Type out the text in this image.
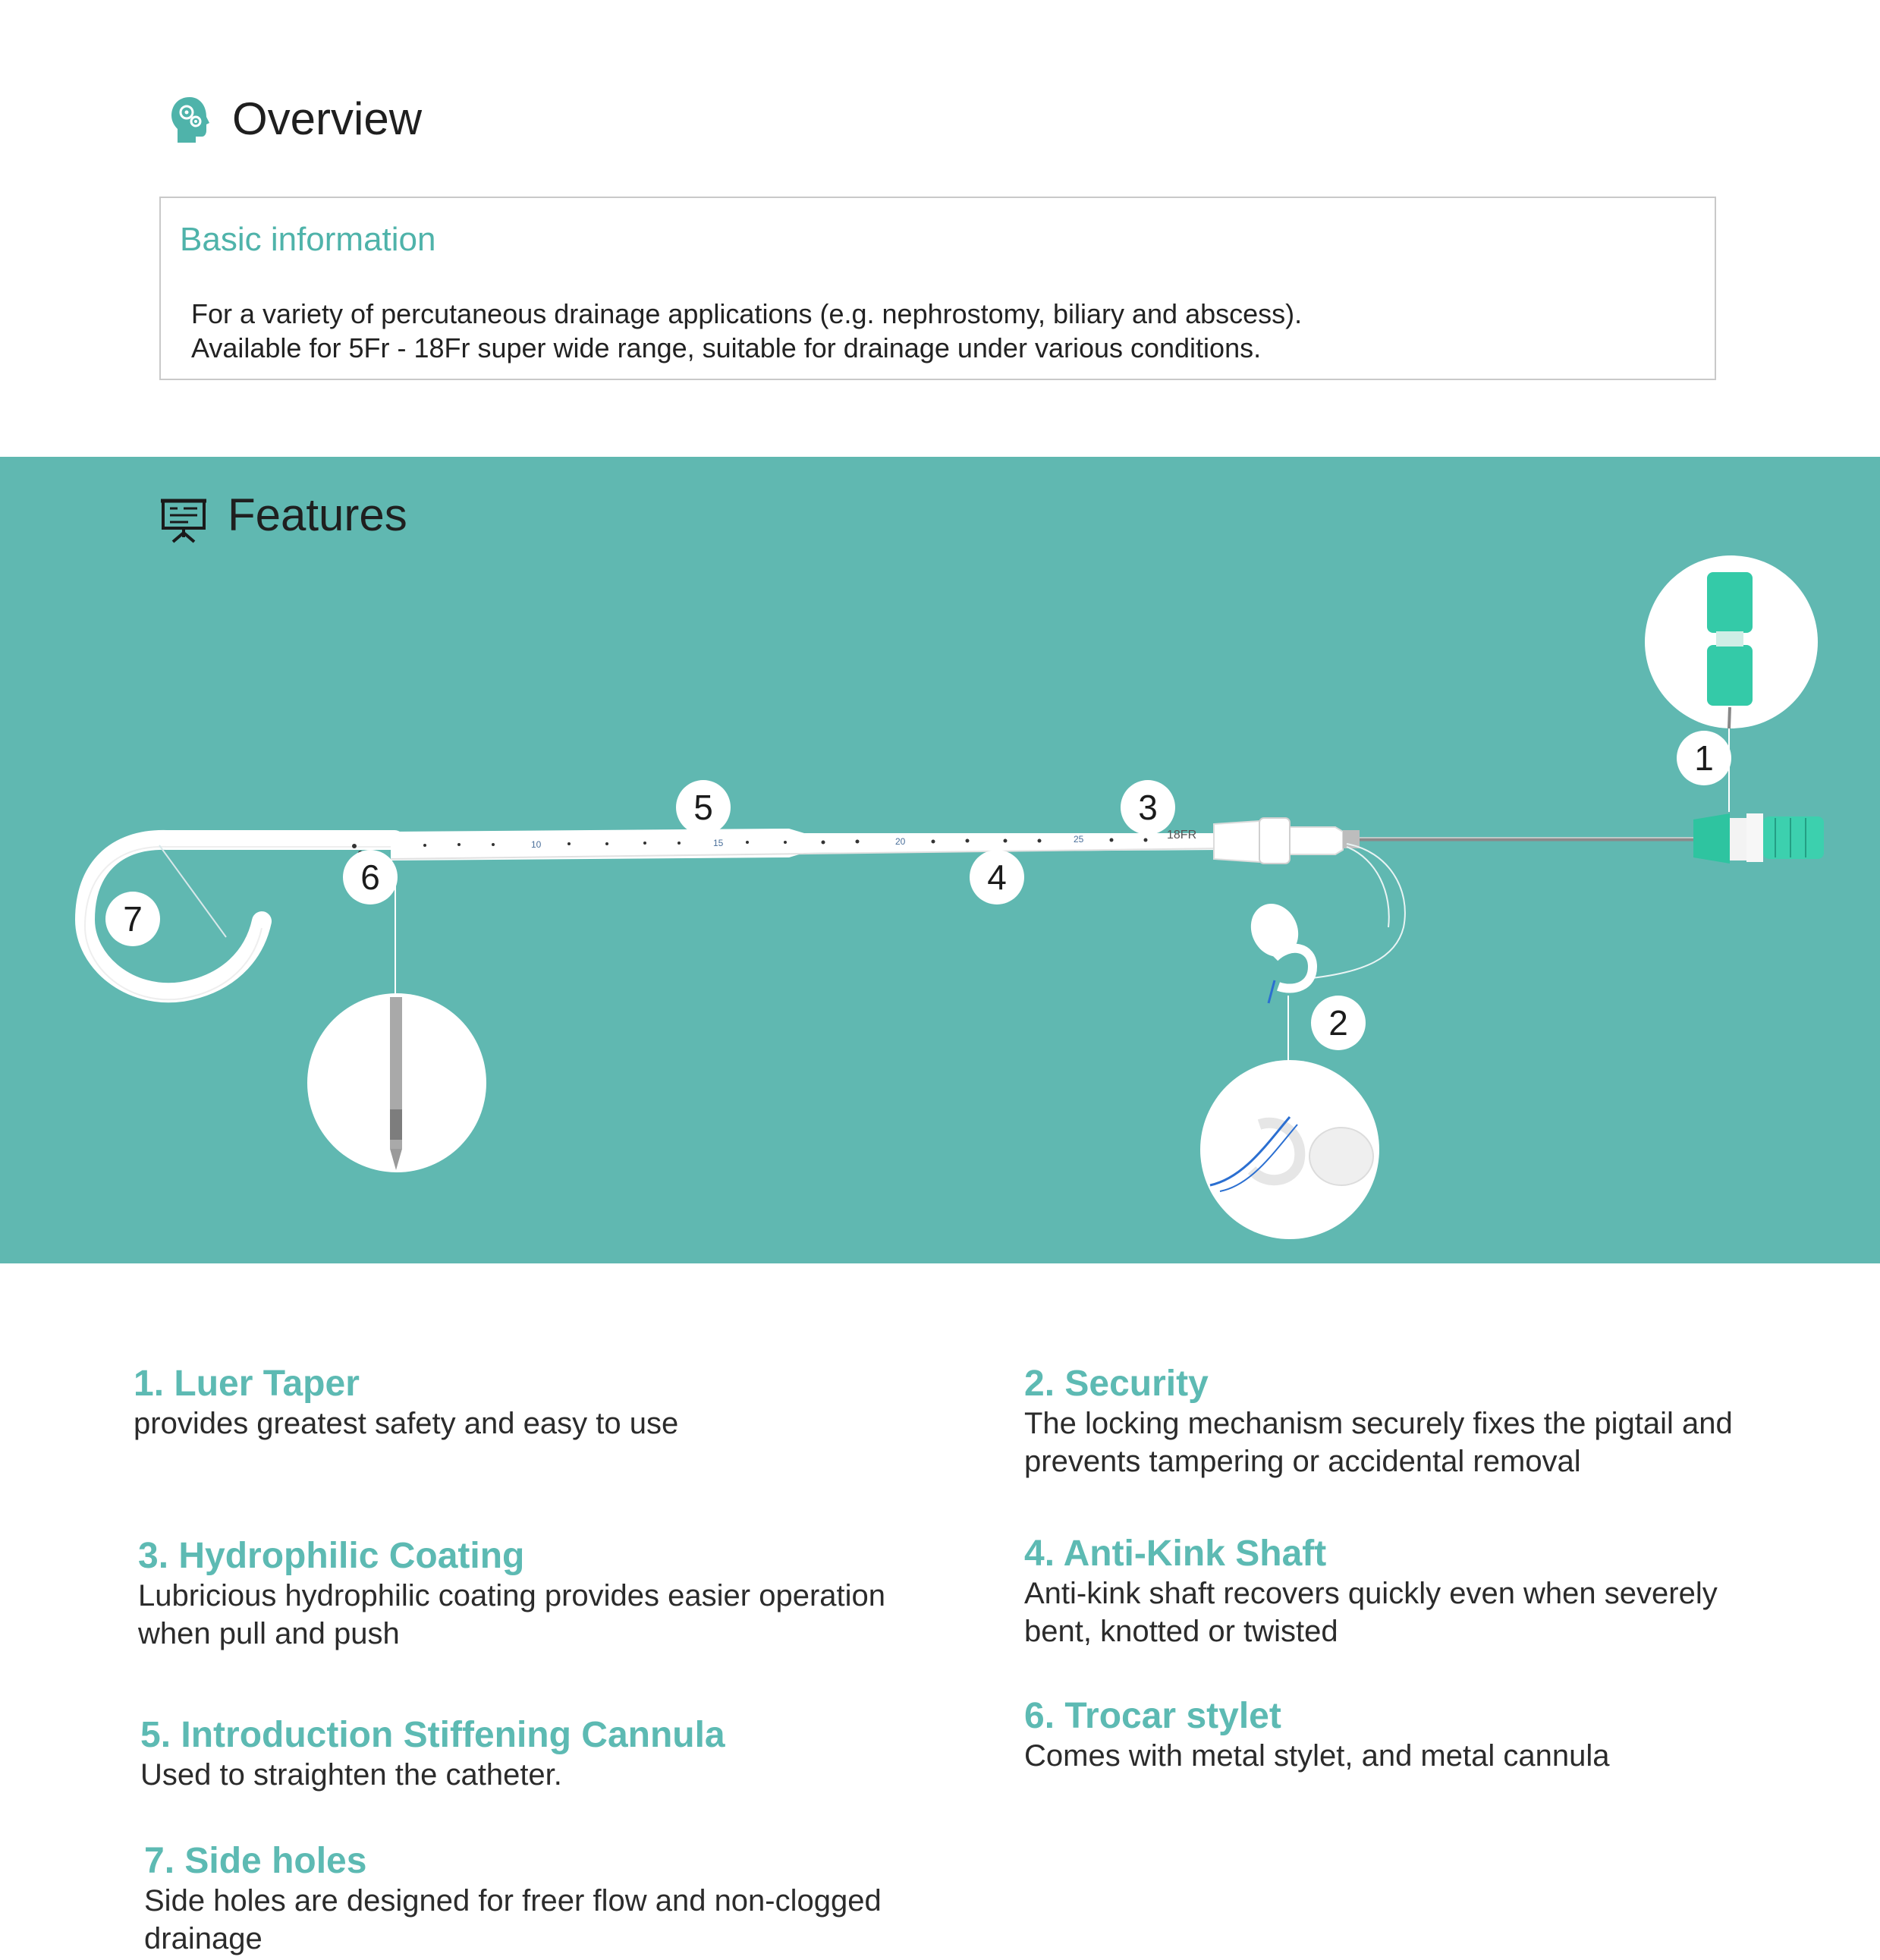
Overview
Basic information
For a variety of percutaneous drainage applications (e.g. nephrostomy, biliary and abscess).
Available for 5Fr - 18Fr super wide range, suitable for drainage under various conditions.
Features
10	15	20	25	18FR
1
2
3
4
5
6
7
1. Luer Taper
provides greatest safety and easy to use
2. Security
The locking mechanism securely fixes the pigtail and
prevents tampering or accidental removal
3. Hydrophilic Coating
Lubricious hydrophilic coating provides easier operation
when pull and push
4. Anti-Kink Shaft
Anti-kink shaft recovers quickly even when severely
bent, knotted or twisted
5. Introduction Stiffening Cannula
Used to straighten the catheter.
6. Trocar stylet
Comes with metal stylet, and metal cannula
7. Side holes
Side holes are designed for freer flow and non-clogged
drainage
